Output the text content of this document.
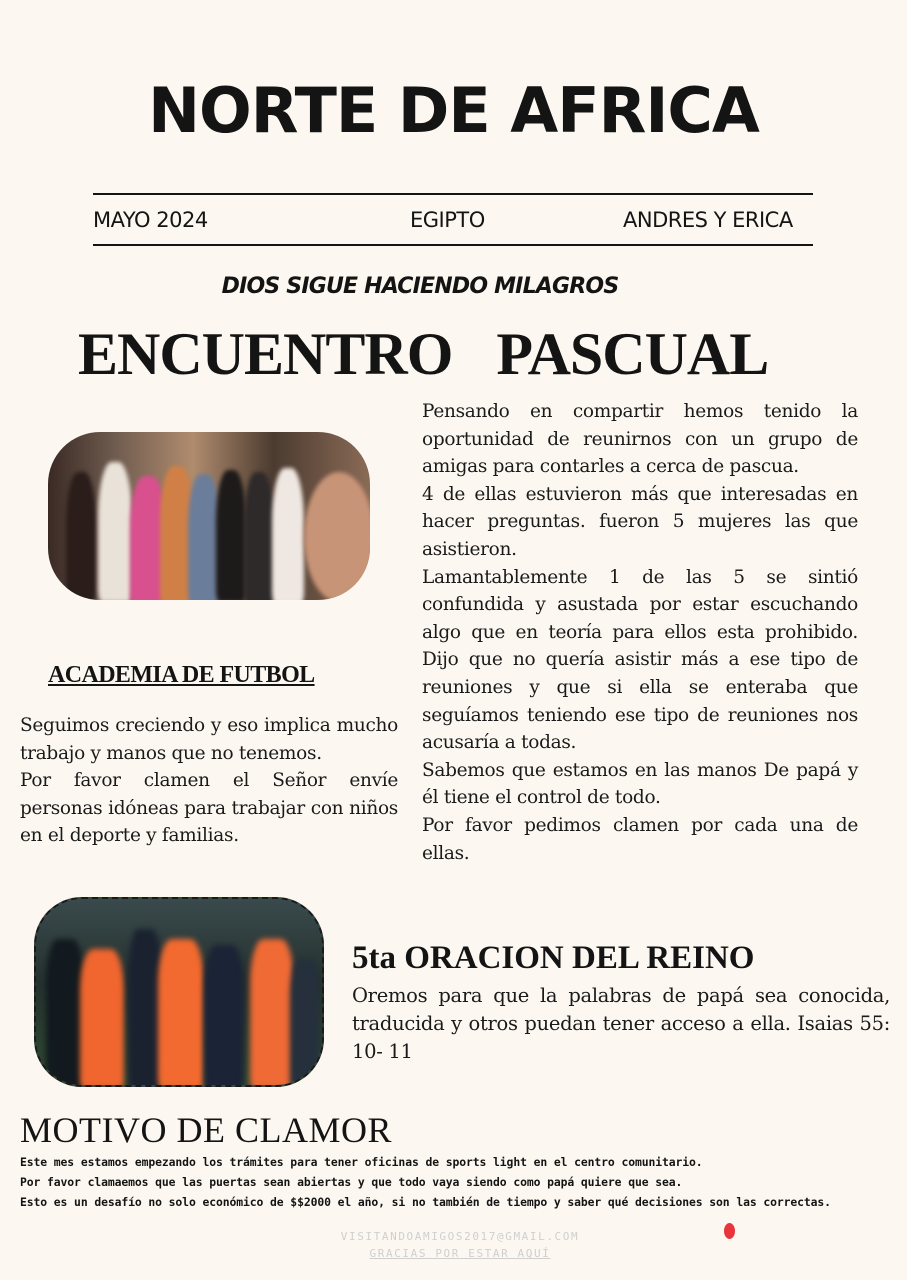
NORTE DE AFRICA
MAYO 2024	EGIPTO	ANDRES Y ERICA
DIOS SIGUE HACIENDO MILAGROS
ENCUENTRO PASCUAL

Pensando en compartir hemos tenido la oportunidad de reunirnos con un grupo de amigas para contarles a cerca de pascua.

4 de ellas estuvieron más que interesadas en hacer preguntas. fueron 5 mujeres las que asistieron.

Lamantablemente 1 de las 5 se sintió confundida y asustada por estar escuchando algo que en teoría para ellos esta prohibido. Dijo que no quería asistir más a ese tipo de reuniones y que si ella se enteraba que seguíamos teniendo ese tipo de reuniones nos acusaría a todas.

Sabemos que estamos en las manos De papá y él tiene el control de todo.

Por favor pedimos clamen por cada una de ellas.

ACADEMIA DE FUTBOL

Seguimos creciendo y eso implica mucho trabajo y manos que no tenemos.

Por favor clamen el Señor envíe personas idóneas para trabajar con niños en el deporte y familias.

5ta ORACION DEL REINO
Oremos para que la palabras de papá sea conocida, traducida y otros puedan tener acceso a ella. Isaias 55: 10- 11
MOTIVO DE CLAMOR

Este mes estamos empezando los trámites para tener oficinas de sports light en el centro comunitario.

Por favor clamaemos que las puertas sean abiertas y que todo vaya siendo como papá quiere que sea.

Esto es un desafío no solo económico de $$2000 el año, si no también de tiempo y saber qué decisiones son las correctas.

VISITANDOAMIGOS2017@GMAIL.COM
GRACIAS POR ESTAR AQUÍ
